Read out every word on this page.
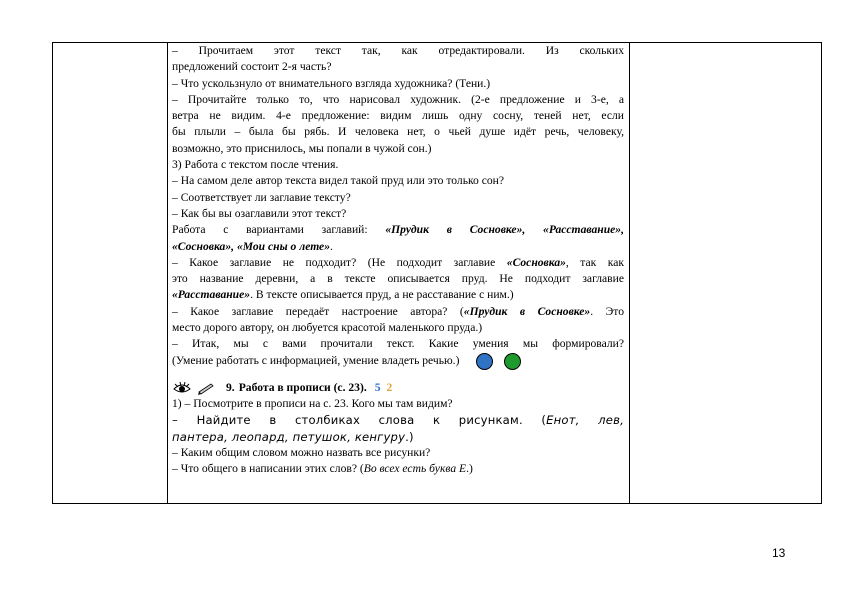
– Прочитаем этот текст так, как отредактировали. Из скольких

предложений состоит 2-я часть?

– Что ускользнуло от внимательного взгляда художника? (Тени.)

– Прочитайте только то, что нарисовал художник. (2-е предложение и 3-е, а

ветра не видим. 4-е предложение: видим лишь одну сосну, теней нет, если

бы плыли – была бы рябь. И человека нет, о чьей душе идёт речь, человеку,

возможно, это приснилось, мы попали в чужой сон.)

3) Работа с текстом после чтения.

– На самом деле автор текста видел такой пруд или это только сон?

– Соответствует ли заглавие тексту?

– Как бы вы озаглавили этот текст?

Работа с вариантами заглавий: «Прудик в Сосновке», «Расставание»,

«Сосновка», «Мои сны о лете».

– Какое заглавие не подходит? (Не подходит заглавие «Сосновка», так как

это название деревни, а в тексте описывается пруд. Не подходит заглавие

«Расставание». В тексте описывается пруд, а не расставание с ним.)

– Какое заглавие передаёт настроение автора? («Прудик в Сосновке». Это

место дорого автору, он любуется красотой маленького пруда.)

– Итак, мы с вами прочитали текст. Какие умения мы формировали?

(Умение работать с информацией, умение владеть речью.)

9. Работа в прописи (с. 23). 5 2

1) – Посмотрите в прописи на с. 23. Кого мы там видим?

– Найдите в столбиках слова к рисункам. (Енот, лев,

пантера, леопард, петушок, кенгуру.)

– Каким общим словом можно назвать все рисунки?

– Что общего в написании этих слов? (Во всех есть буква Е.)

13
